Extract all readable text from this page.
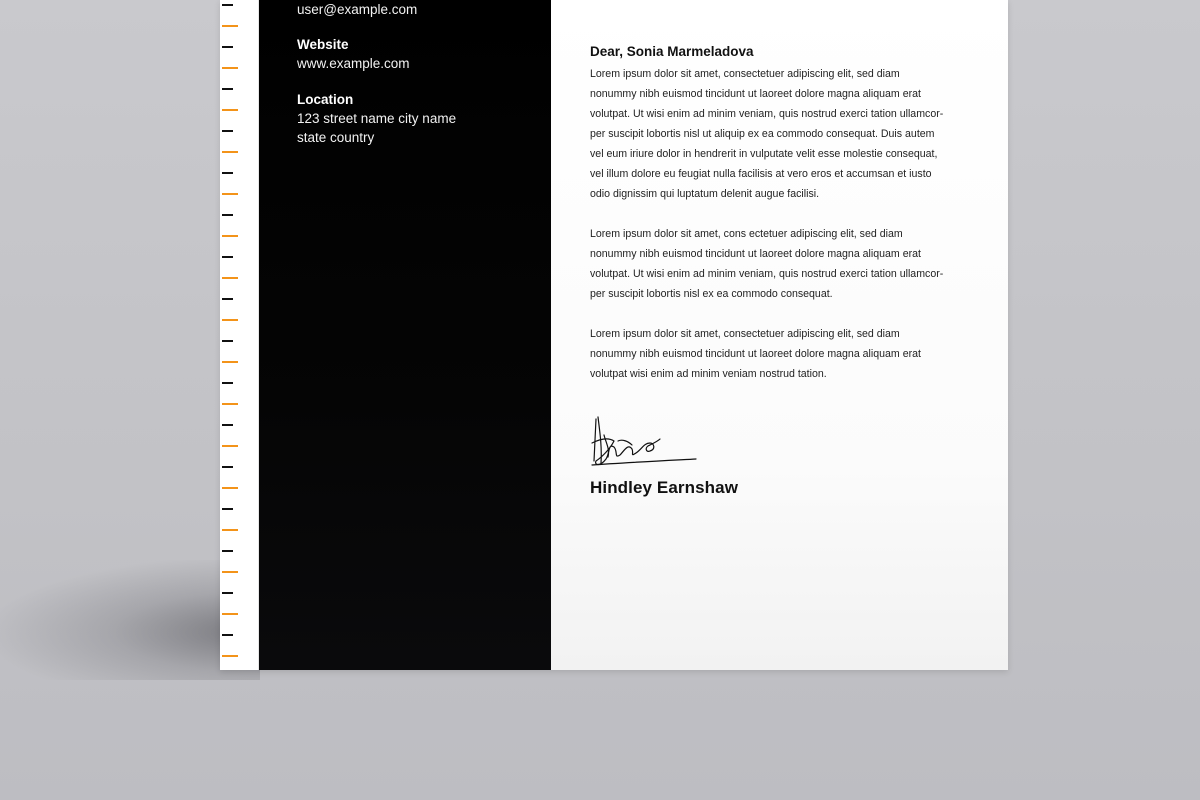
user@example.com
Website
www.example.com
Location
123 street name city name
state country
Dear, Sonia Marmeladova
Lorem ipsum dolor sit amet, consectetuer adipiscing elit, sed diam
nonummy nibh euismod tincidunt ut laoreet dolore magna aliquam erat
volutpat. Ut wisi enim ad minim veniam, quis nostrud exerci tation ullamcor-
per suscipit lobortis nisl ut aliquip ex ea commodo consequat. Duis autem
vel eum iriure dolor in hendrerit in vulputate velit esse molestie consequat,
vel illum dolore eu feugiat nulla facilisis at vero eros et accumsan et iusto
odio dignissim qui luptatum delenit augue facilisi.
Lorem ipsum dolor sit amet, cons ectetuer adipiscing elit, sed diam
nonummy nibh euismod tincidunt ut laoreet dolore magna aliquam erat
volutpat. Ut wisi enim ad minim veniam, quis nostrud exerci tation ullamcor-
per suscipit lobortis nisl ex ea commodo consequat.
Lorem ipsum dolor sit amet, consectetuer adipiscing elit, sed diam
nonummy nibh euismod tincidunt ut laoreet dolore magna aliquam erat
volutpat wisi enim ad minim veniam nostrud tation.
Hindley Earnshaw
